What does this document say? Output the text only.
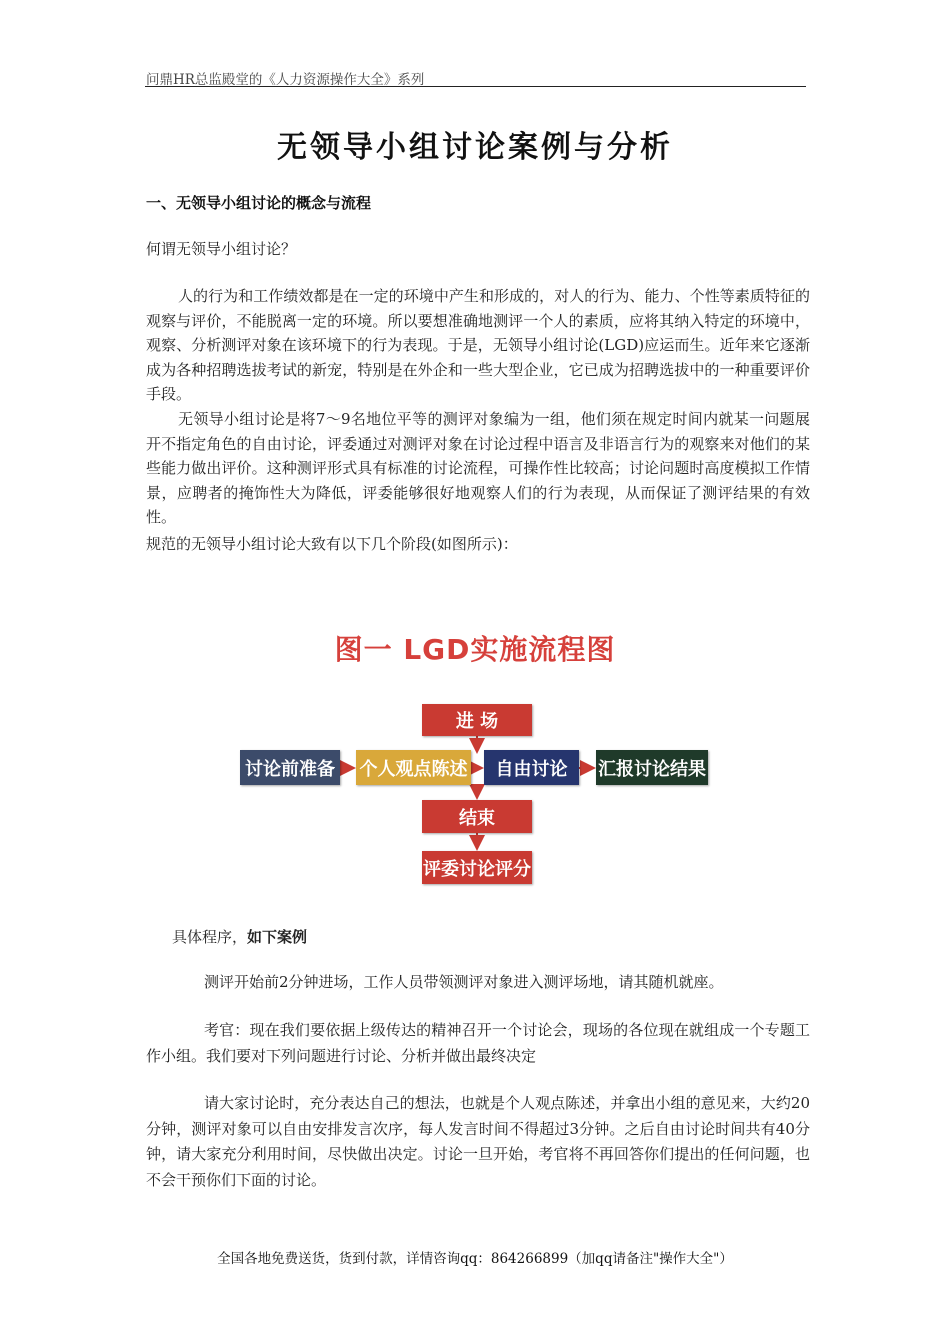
问鼎HR总监殿堂的《人力资源操作大全》系列
无领导小组讨论案例与分析
一、无领导小组讨论的概念与流程
何谓无领导小组讨论？

人的行为和工作绩效都是在一定的环境中产生和形成的，对人的行为、能力、个性等素质特征的观察与评价，不能脱离一定的环境。所以要想准确地测评一个人的素质，应将其纳入特定的环境中，观察、分析测评对象在该环境下的行为表现。于是，无领导小组讨论(LGD)应运而生。近年来它逐渐成为各种招聘选拔考试的新宠，特别是在外企和一些大型企业，它已成为招聘选拔中的一种重要评价手段。

无领导小组讨论是将7～9名地位平等的测评对象编为一组，他们须在规定时间内就某一问题展开不指定角色的自由讨论，评委通过对测评对象在讨论过程中语言及非语言行为的观察来对他们的某些能力做出评价。这种测评形式具有标准的讨论流程，可操作性比较高；讨论问题时高度模拟工作情景，应聘者的掩饰性大为降低，评委能够很好地观察人们的行为表现，从而保证了测评结果的有效性。

规范的无领导小组讨论大致有以下几个阶段(如图所示)：
图一 LGD实施流程图
进 场
讨论前准备 个人观点陈述	自由讨论	汇报讨论结果
结束
评委讨论评分
具体程序，如下案例

测评开始前2分钟进场，工作人员带领测评对象进入测评场地，请其随机就座。

考官：现在我们要依据上级传达的精神召开一个讨论会，现场的各位现在就组成一个专题工作小组。我们要对下列问题进行讨论、分析并做出最终决定

请大家讨论时，充分表达自己的想法，也就是个人观点陈述，并拿出小组的意见来，大约20分钟，测评对象可以自由安排发言次序，每人发言时间不得超过3分钟。之后自由讨论时间共有40分钟，请大家充分利用时间，尽快做出决定。讨论一旦开始，考官将不再回答你们提出的任何问题，也不会干预你们下面的讨论。

全国各地免费送货，货到付款，详情咨询qq：864266899（加qq请备注"操作大全"）
